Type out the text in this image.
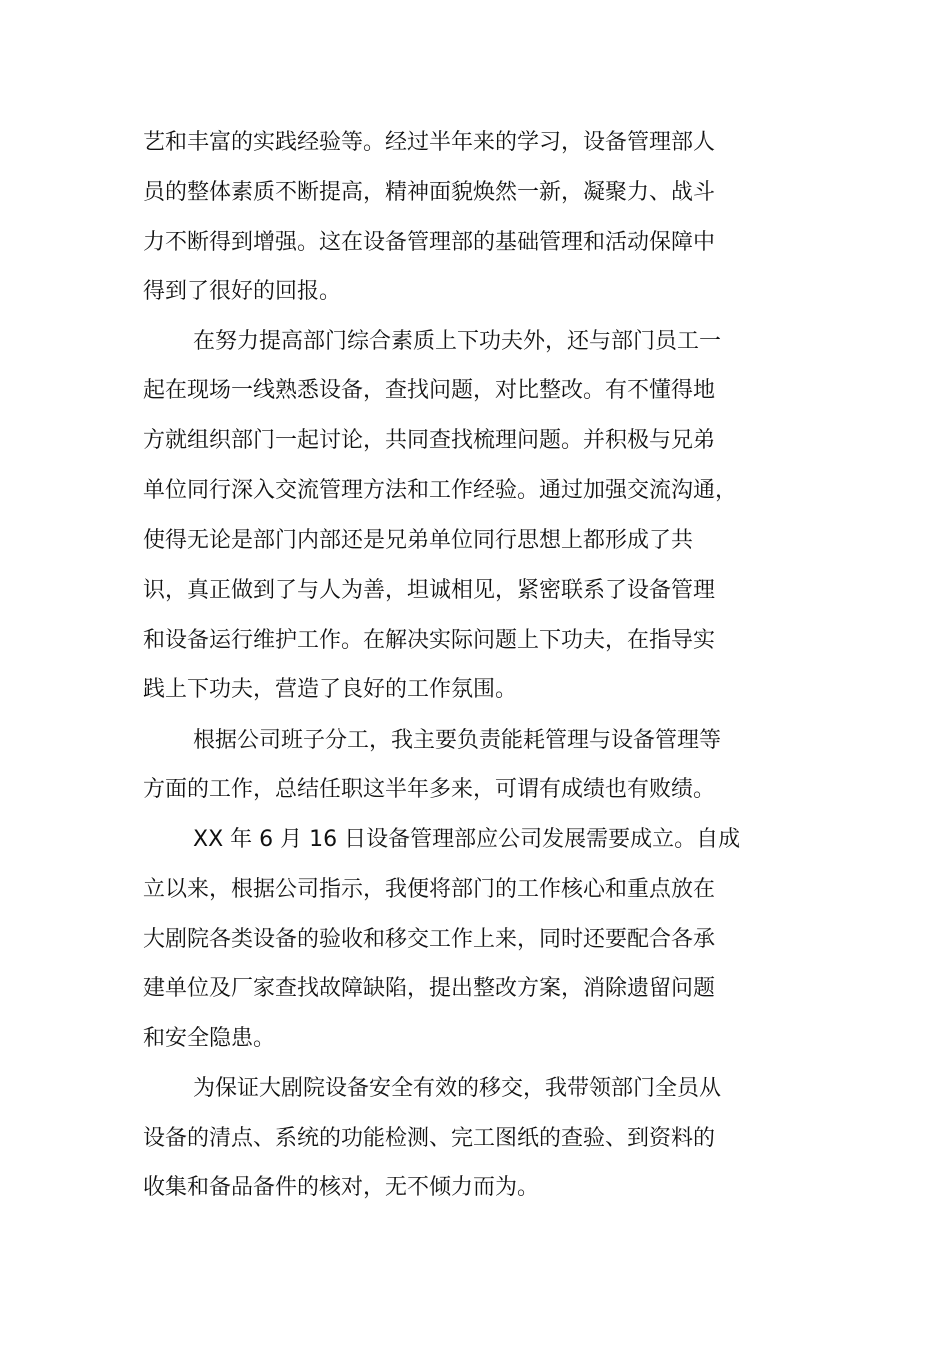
艺和丰富的实践经验等。经过半年来的学习，设备管理部人
员的整体素质不断提高，精神面貌焕然一新，凝聚力、战斗
力不断得到增强。这在设备管理部的基础管理和活动保障中
得到了很好的回报。
在努力提高部门综合素质上下功夫外，还与部门员工一
起在现场一线熟悉设备，查找问题，对比整改。有不懂得地
方就组织部门一起讨论，共同查找梳理问题。并积极与兄弟
单位同行深入交流管理方法和工作经验。通过加强交流沟通，
使得无论是部门内部还是兄弟单位同行思想上都形成了共
识，真正做到了与人为善，坦诚相见，紧密联系了设备管理
和设备运行维护工作。在解决实际问题上下功夫，在指导实
践上下功夫，营造了良好的工作氛围。
根据公司班子分工，我主要负责能耗管理与设备管理等
方面的工作，总结任职这半年多来，可谓有成绩也有败绩。
XX 年 6 月 16 日设备管理部应公司发展需要成立。自成
立以来，根据公司指示，我便将部门的工作核心和重点放在
大剧院各类设备的验收和移交工作上来，同时还要配合各承
建单位及厂家查找故障缺陷，提出整改方案，消除遗留问题
和安全隐患。
为保证大剧院设备安全有效的移交，我带领部门全员从
设备的清点、系统的功能检测、完工图纸的查验、到资料的
收集和备品备件的核对，无不倾力而为。
